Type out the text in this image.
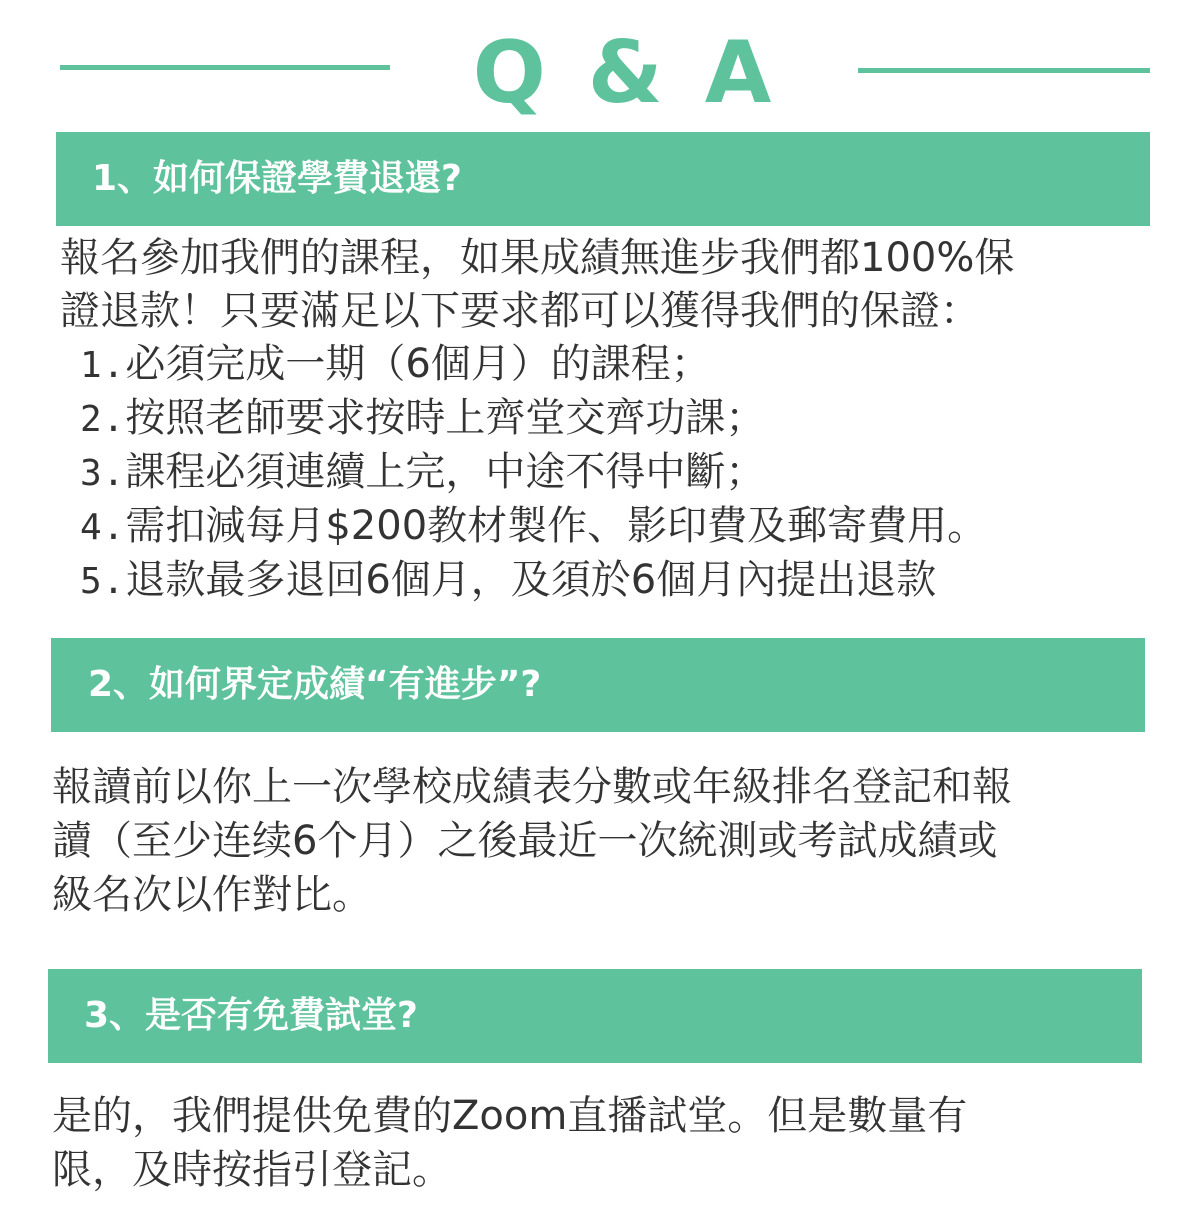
Q & A
1、如何保證學費退還?

報名參加我們的課程，如果成績無進步我們都100%保

證退款！只要滿足以下要求都可以獲得我們的保證：

1.必須完成一期（6個月）的課程；
2.按照老師要求按時上齊堂交齊功課；
3.課程必須連續上完，中途不得中斷；
4.需扣減每月$200教材製作、影印費及郵寄費用。
5.退款最多退回6個月，及須於6個月內提出退款
2、如何界定成績“有進步”?

報讀前以你上一次學校成績表分數或年級排名登記和報

讀（至少连续6个月）之後最近一次統測或考試成績或

級名次以作對比。

3、是否有免費試堂?

是的，我們提供免費的Zoom直播試堂。但是數量有

限，及時按指引登記。
